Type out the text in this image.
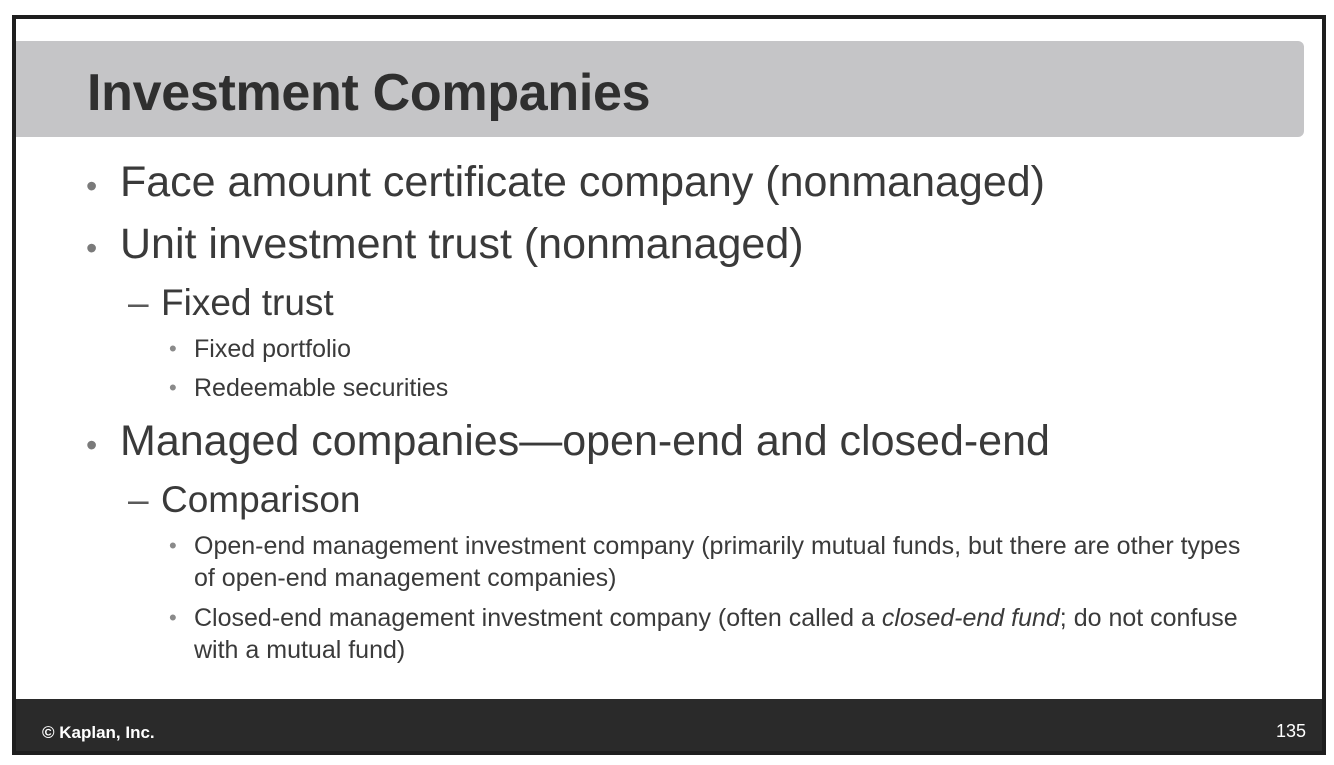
Investment Companies
• Face amount certificate company (nonmanaged)
• Unit investment trust (nonmanaged)
– Fixed trust
• Fixed portfolio
• Redeemable securities
• Managed companies—open-end and closed-end
– Comparison
• Open-end management investment company (primarily mutual funds, but there are other types of open-end management companies)
• Closed-end management investment company (often called a closed-end fund; do not confuse with a mutual fund)
© Kaplan, Inc.	135
